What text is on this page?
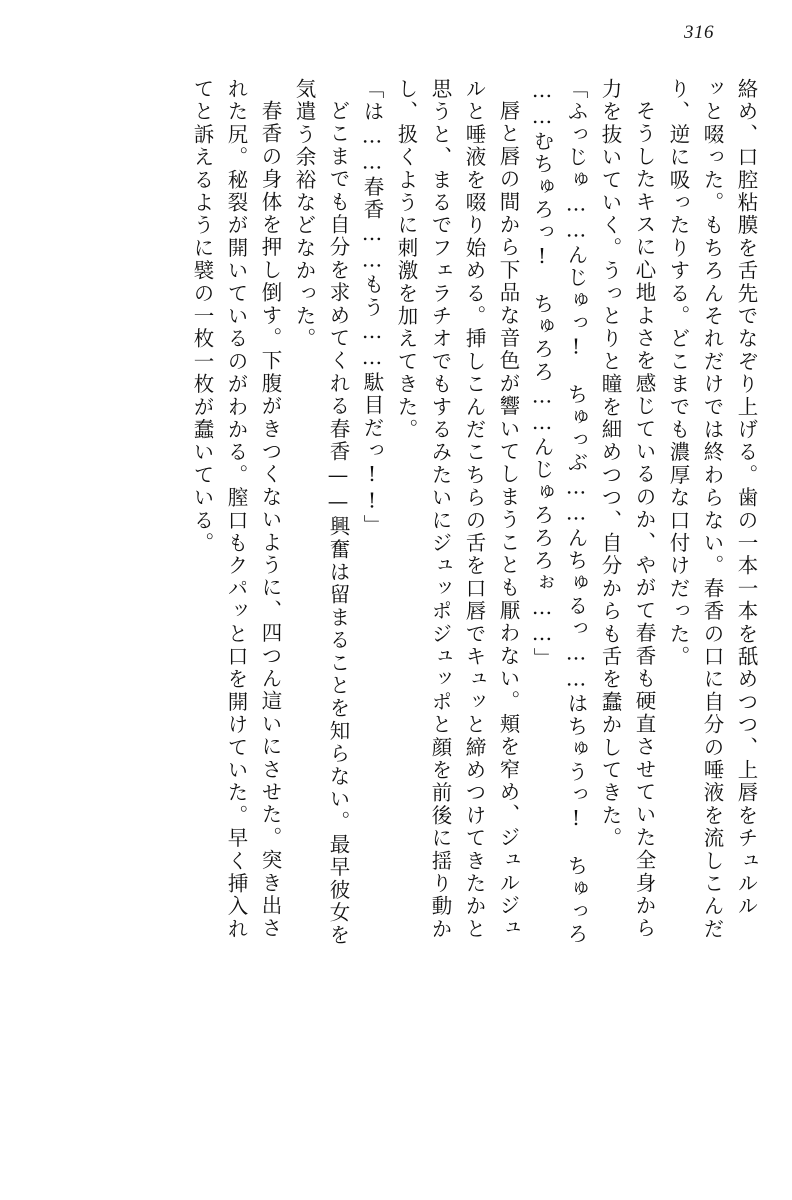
316
絡め、口腔粘膜を舌先でなぞり上げる。歯の一本一本を舐めつつ、上唇をチュルル
ッと啜った。もちろんそれだけでは終わらない。春香の口に自分の唾液を流しこんだ
り、逆に吸ったりする。どこまでも濃厚な口付けだった。
そうしたキスに心地よさを感じているのか、やがて春香も硬直させていた全身から
力を抜いていく。うっとりと瞳を細めつつ、自分からも舌を蠢かしてきた。
「ふっじゅ……んじゅっ!　ちゅっぶ……んちゅるっ……はちゅうっ!　ちゅっろ
……むちゅろっ!　ちゅろろ……んじゅろろろぉ……」
唇と唇の間から下品な音色が響いてしまうことも厭わない。頬を窄め、ジュルジュ
ルと唾液を啜り始める。挿しこんだこちらの舌を口唇でキュッと締めつけてきたかと
思うと、まるでフェラチオでもするみたいにジュッポジュッポと顔を前後に揺り動か
し、扱くように刺激を加えてきた。
「は……春香……もう……駄目だっ!!」
どこまでも自分を求めてくれる春香——興奮は留まることを知らない。最早彼女を
気遣う余裕などなかった。
春香の身体を押し倒す。下腹がきつくないように、四つん這いにさせた。突き出さ
れた尻。秘裂が開いているのがわかる。膣口もクパッと口を開けていた。早く挿入れ
てと訴えるように襞の一枚一枚が蠢いている。
